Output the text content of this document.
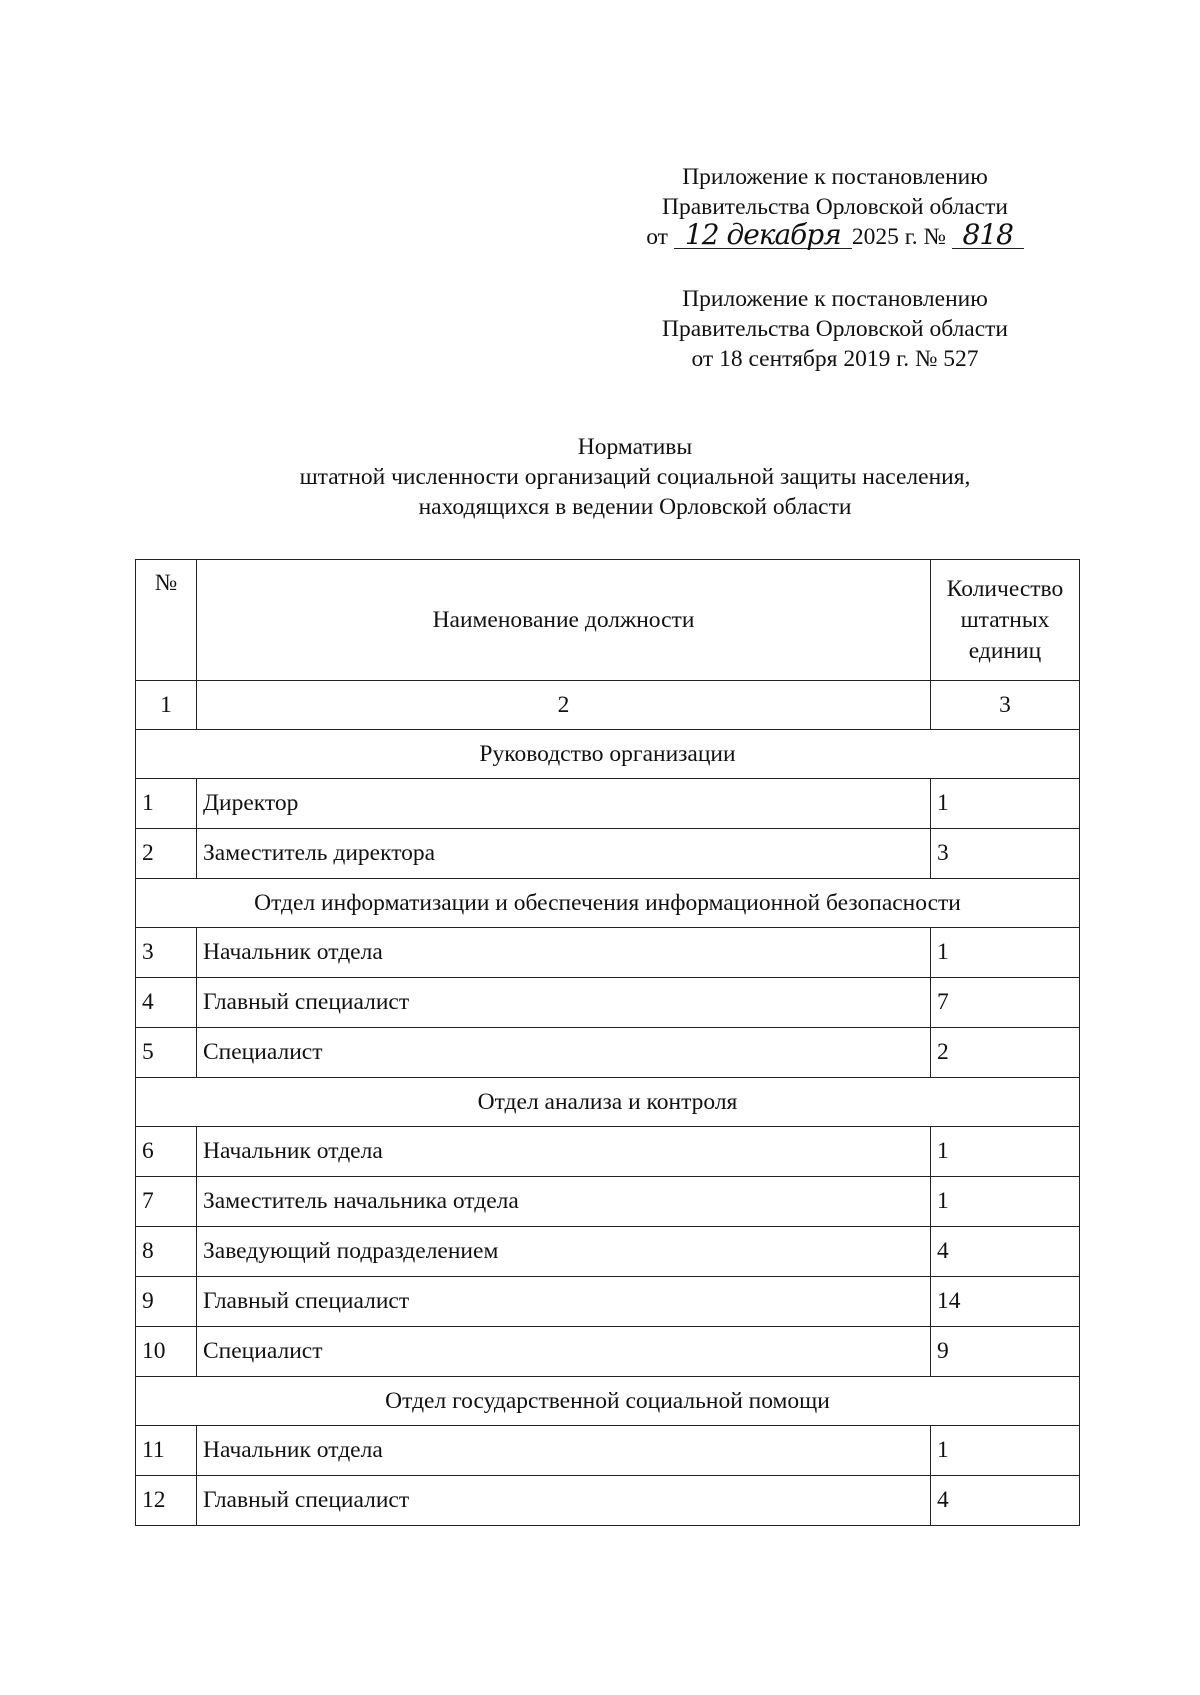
Приложение к постановлению
Правительства Орловской области
от 12 декабря 2025 г. № 818
Приложение к постановлению
Правительства Орловской области
от 18 сентября 2019 г. № 527
Нормативы
штатной численности организаций социальной защиты населения,
находящихся в ведении Орловской области
№	Наименование должности	Количество
штатных
единиц

1	2	3
Руководство организации		
1	Директор	1
2	Заместитель директора	3
Отдел информатизации и обеспечения информационной безопасности		
3	Начальник отдела	1
4	Главный специалист	7
5	Специалист	2
Отдел анализа и контроля		
6	Начальник отдела	1
7	Заместитель начальника отдела	1
8	Заведующий подразделением	4
9	Главный специалист	14
10	Специалист	9
Отдел государственной социальной помощи		
11	Начальник отдела	1
12	Главный специалист	4
